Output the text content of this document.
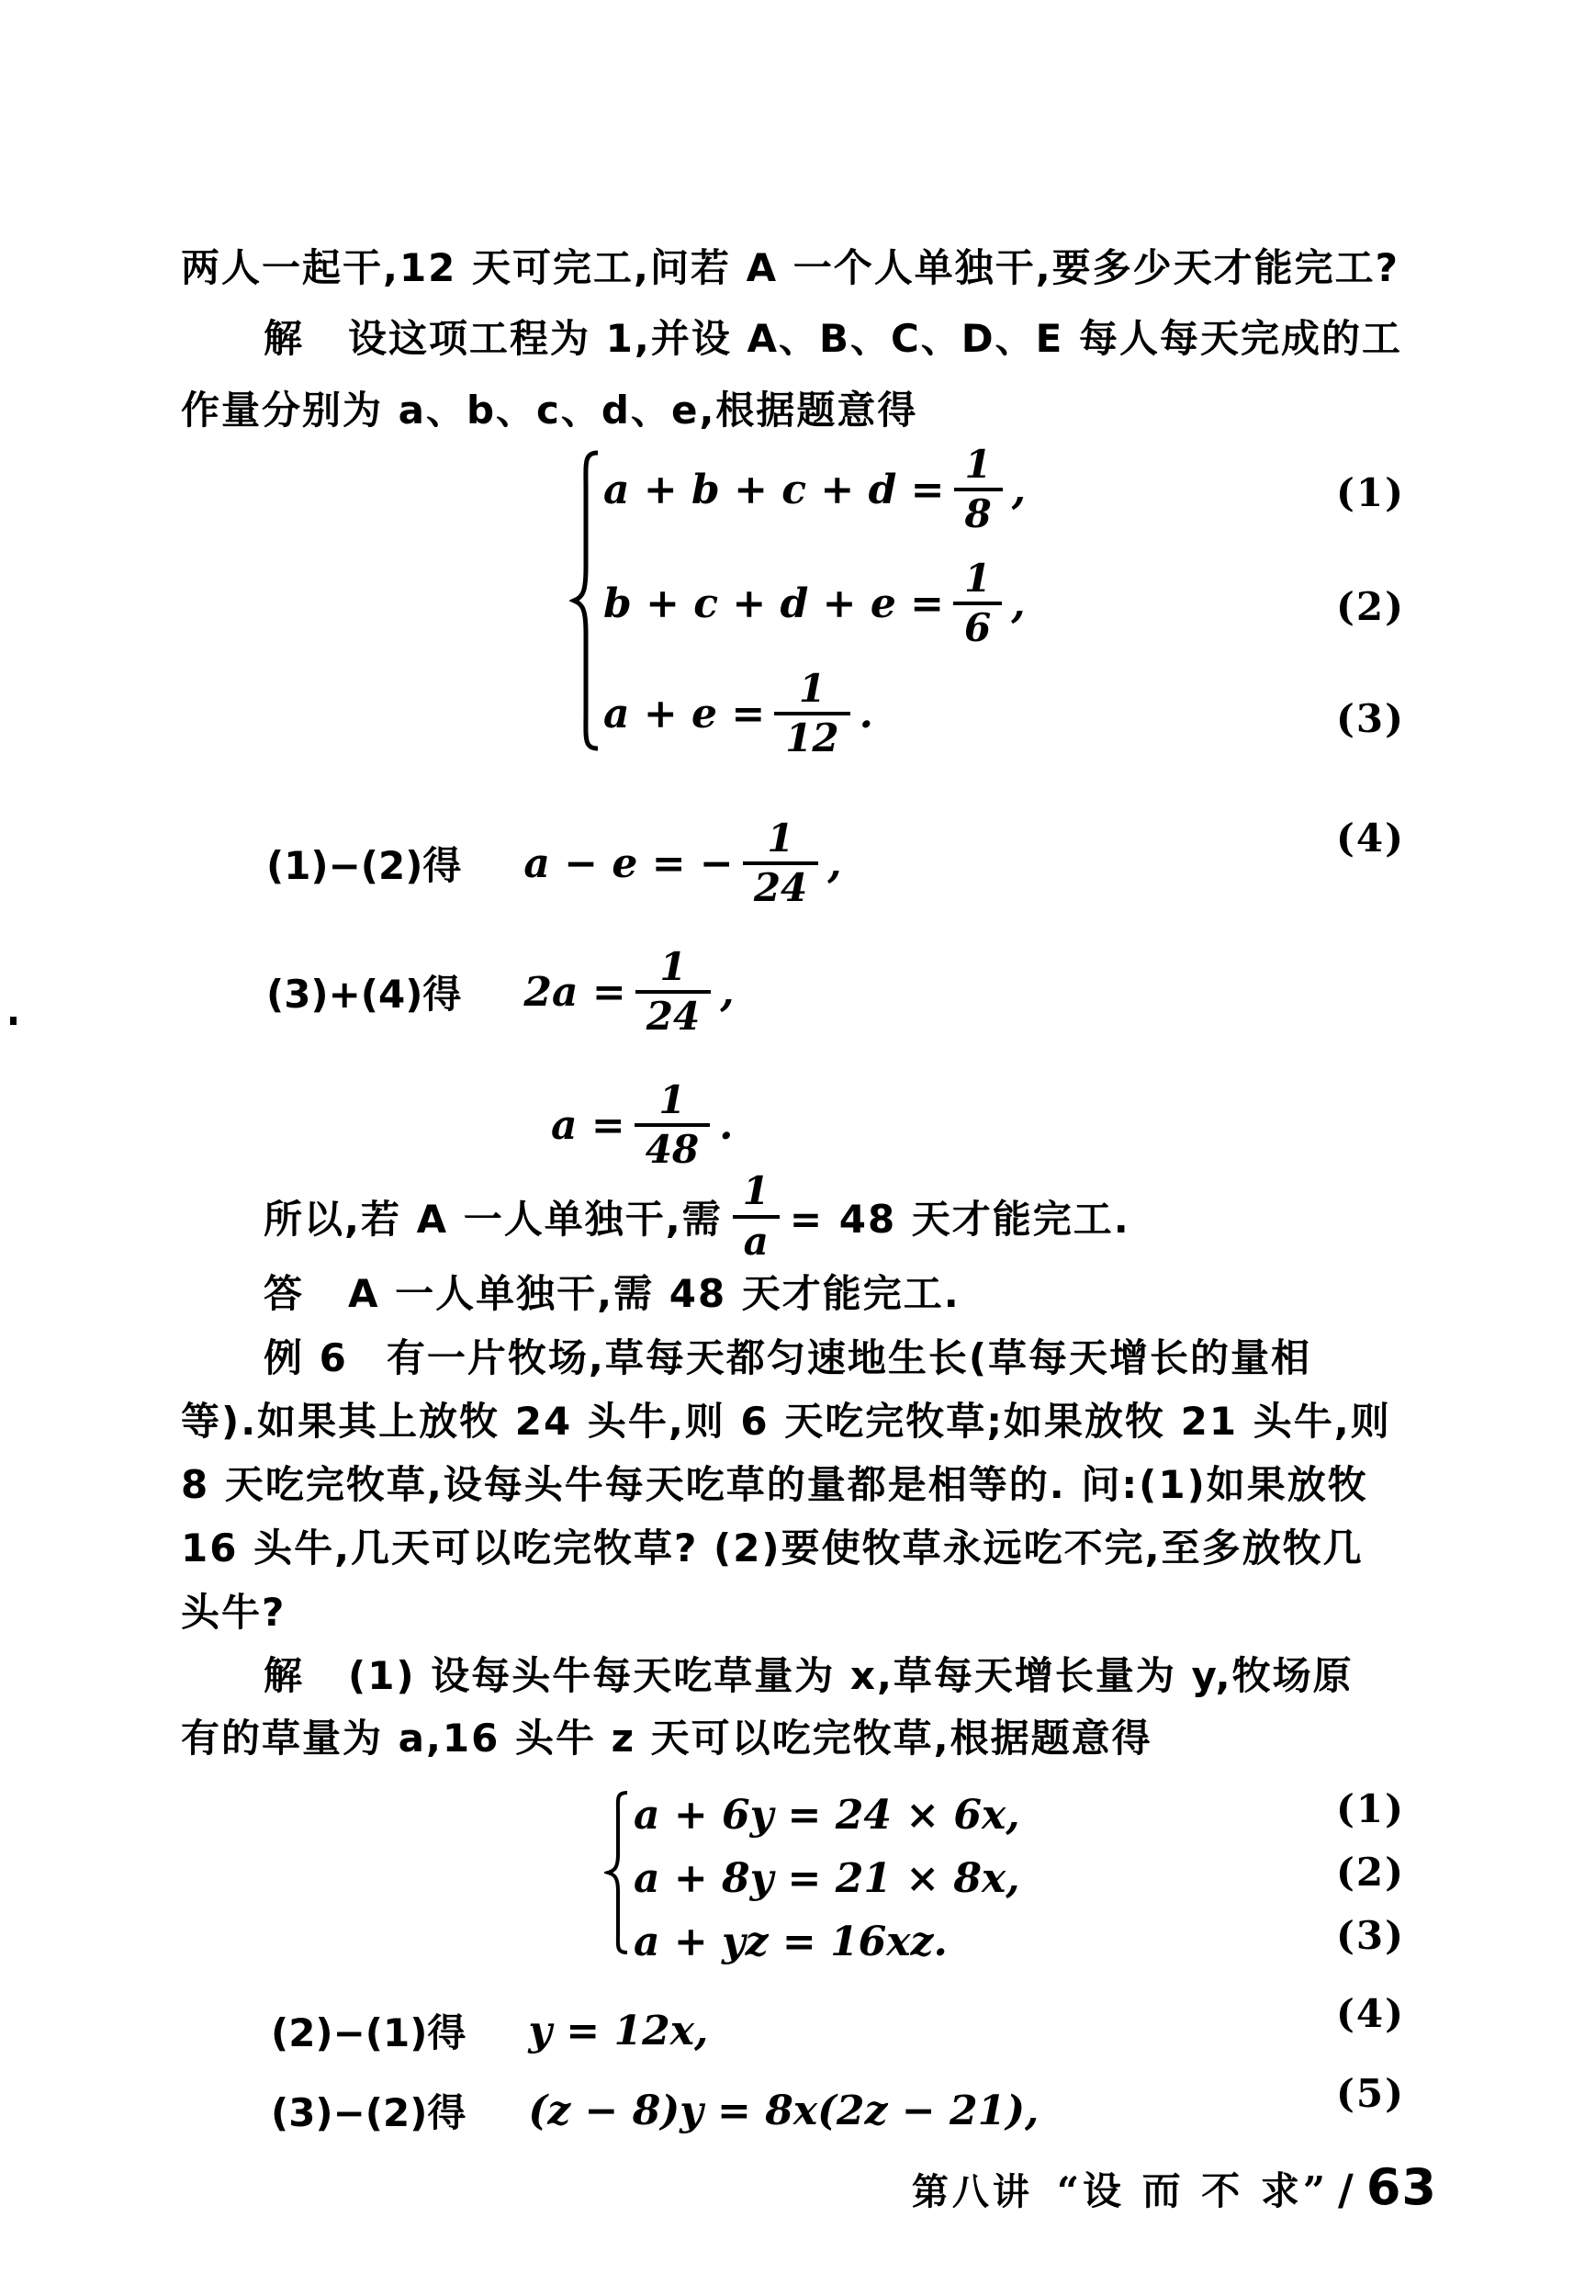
两人一起干,12 天可完工,问若 A 一个人单独干,要多少天才能完工?
解 设这项工程为 1,并设 A、B、C、D、E 每人每天完成的工
作量分别为 a、b、c、d、e,根据题意得
$a + b + c + d = \frac{1}{8}$ ,	(1)
$b + c + d + e = \frac{1}{6}$ ,	(2)
$a + e = \frac{1}{12}$ .	(3)
(1)−(2)得 a − e = − $\frac{1}{24}$ ,
(4)
(3)+(4)得 $2a = \frac{1}{24}$ ,
$a = \frac{1}{48}$ .
所以,若 A 一人单独干,需 $\frac{1}{a} = 48$ 天才能完工.
答 A 一人单独干,需 48 天才能完工.
例 6 有一片牧场,草每天都匀速地生长(草每天增长的量相
等).如果其上放牧 24 头牛,则 6 天吃完牧草;如果放牧 21 头牛,则
8 天吃完牧草,设每头牛每天吃草的量都是相等的. 问:(1)如果放牧
16 头牛,几天可以吃完牧草? (2)要使牧草永远吃不完,至多放牧几
头牛?
解 (1) 设每头牛每天吃草量为 x,草每天增长量为 y,牧场原
有的草量为 a,16 头牛 z 天可以吃完牧草,根据题意得
a + 6y = 24 × 6x,	(1)
a + 8y = 21 × 8x,	(2)
a + yz = 16xz.	(3)
(2)−(1)得 y = 12x,	(4)
(3)−(2)得 (z − 8)y = 8x(2z − 21),	(5)
第八讲 “设 而 不 求” / 63
